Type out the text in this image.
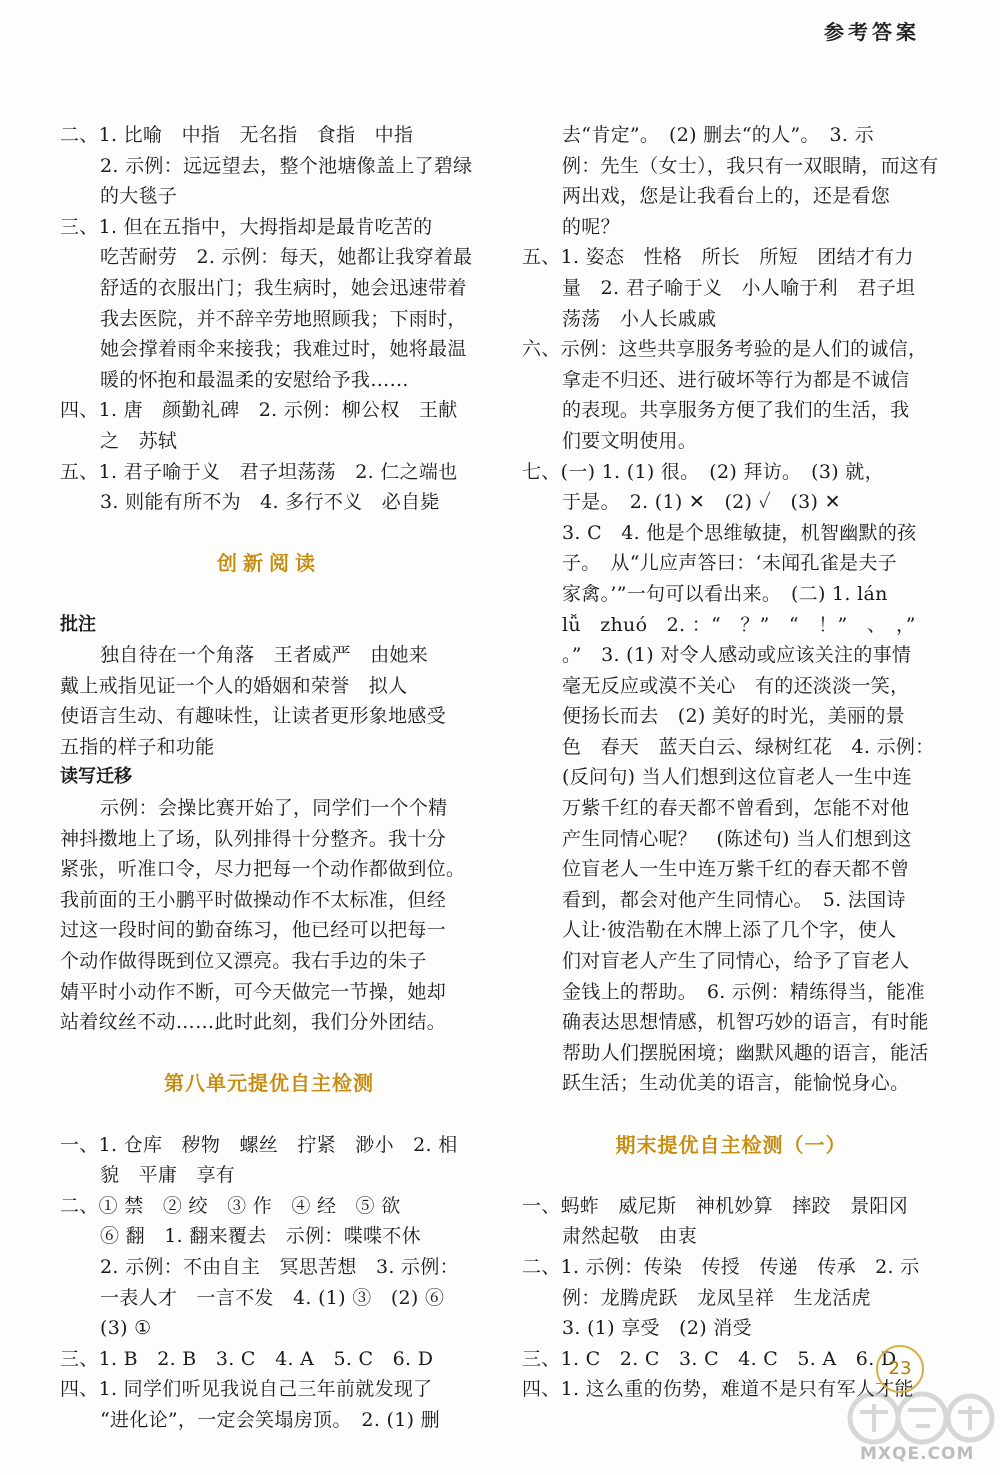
参考答案
二、1. 比喻　中指　无名指　食指　中指
2. 示例：远远望去，整个池塘像盖上了碧绿
的大毯子
三、1. 但在五指中，大拇指却是最肯吃苦的
吃苦耐劳　2. 示例：每天，她都让我穿着最
舒适的衣服出门；我生病时，她会迅速带着
我去医院，并不辞辛劳地照顾我；下雨时，
她会撑着雨伞来接我；我难过时，她将最温
暖的怀抱和最温柔的安慰给予我……
四、1. 唐　颜勤礼碑　2. 示例：柳公权　王献
之　苏轼
五、1. 君子喻于义　君子坦荡荡　2. 仁之端也
3. 则能有所不为　4. 多行不义　必自毙
创新阅读
批注
独自待在一个角落　王者威严　由她来
戴上戒指见证一个人的婚姻和荣誉　拟人
使语言生动、有趣味性，让读者更形象地感受
五指的样子和功能
读写迁移
示例：会操比赛开始了，同学们一个个精
神抖擞地上了场，队列排得十分整齐。我十分
紧张，听准口令，尽力把每一个动作都做到位。
我前面的王小鹏平时做操动作不太标准，但经
过这一段时间的勤奋练习，他已经可以把每一
个动作做得既到位又漂亮。我右手边的朱子
婧平时小动作不断，可今天做完一节操，她却
站着纹丝不动……此时此刻，我们分外团结。
第八单元提优自主检测
一、1. 仓库　秽物　螺丝　拧紧　渺小　2. 相
貌　平庸　享有
二、① 禁　② 绞　③ 作　④ 经　⑤ 欲
⑥ 翻　1. 翻来覆去　示例：喋喋不休
2. 示例：不由自主　冥思苦想　3. 示例：
一表人才　一言不发　4. (1) ③　(2) ⑥
(3) ①
三、1. B　2. B　3. C　4. A　5. C　6. D
四、1. 同学们听见我说自己三年前就发现了
“进化论”，一定会笑塌房顶。　2. (1) 删
去“肯定”。　(2) 删去“的人”。　3. 示
例：先生（女士），我只有一双眼睛，而这有
两出戏，您是让我看台上的，还是看您
的呢？
五、1. 姿态　性格　所长　所短　团结才有力
量　2. 君子喻于义　小人喻于利　君子坦
荡荡　小人长戚戚
六、示例：这些共享服务考验的是人们的诚信，
拿走不归还、进行破坏等行为都是不诚信
的表现。共享服务方便了我们的生活，我
们要文明使用。
七、(一) 1. (1) 很。　(2) 拜访。　(3) 就，
于是。　2. (1) ✕　(2) ✓　(3) ✕
3. C　4. 他是个思维敏捷，机智幽默的孩
子。　从“儿应声答曰：‘未闻孔雀是夫子
家禽。’”一句可以看出来。　(二) 1. lán
lǚ　zhuó　2. ：“　？”　“　！”　、　，”
。”　3. (1) 对令人感动或应该关注的事情
毫无反应或漠不关心　有的还淡淡一笑，
便扬长而去　(2) 美好的时光，美丽的景
色　春天　蓝天白云、绿树红花　4. 示例：
(反问句) 当人们想到这位盲老人一生中连
万紫千红的春天都不曾看到，怎能不对他
产生同情心呢？　(陈述句) 当人们想到这
位盲老人一生中连万紫千红的春天都不曾
看到，都会对他产生同情心。　5. 法国诗
人让·彼浩勒在木牌上添了几个字，使人
们对盲老人产生了同情心，给予了盲老人
金钱上的帮助。　6. 示例：精练得当，能准
确表达思想情感，机智巧妙的语言，有时能
帮助人们摆脱困境；幽默风趣的语言，能活
跃生活；生动优美的语言，能愉悦身心。
期末提优自主检测（一）
一、蚂蚱　威尼斯　神机妙算　摔跤　景阳冈
肃然起敬　由衷
二、1. 示例：传染　传授　传递　传承　2. 示
例：龙腾虎跃　龙凤呈祥　生龙活虎
3. (1) 享受　(2) 消受
三、1. C　2. C　3. C　4. C　5. A　6. D
四、1. 这么重的伤势，难道不是只有军人才能
23
MXQE.COM
